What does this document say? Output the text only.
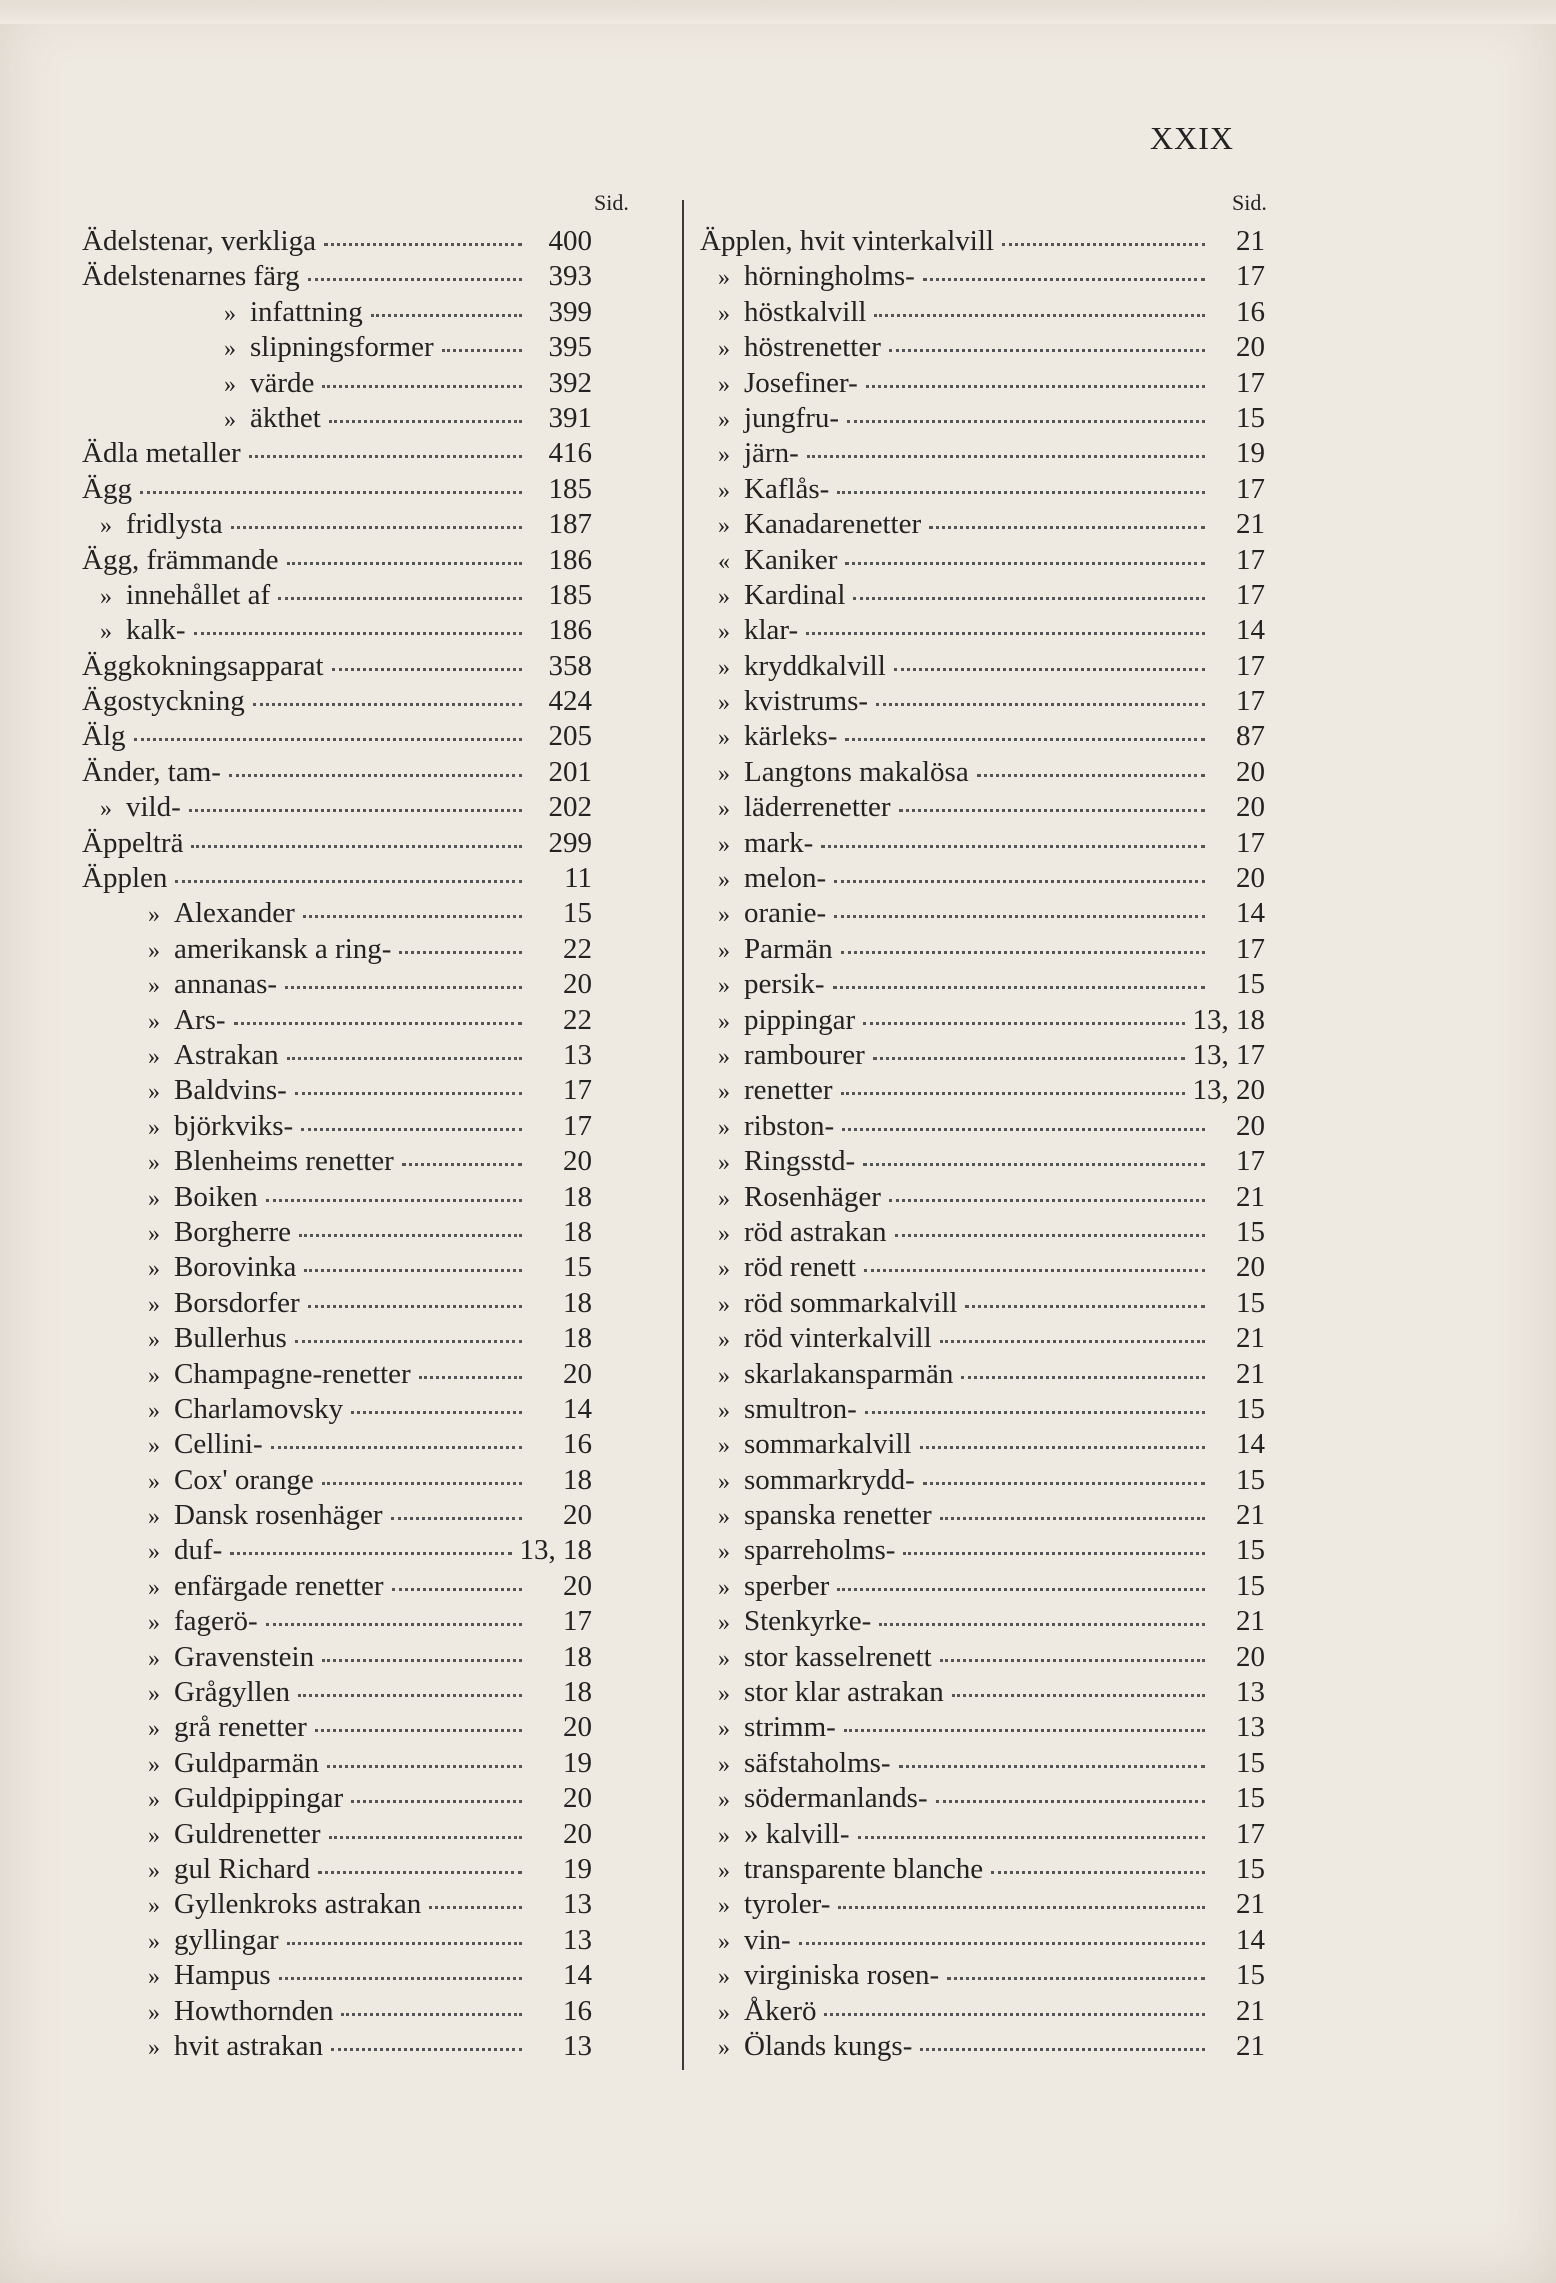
XXIX
Sid.
Ädelstenar, verkliga	400
Ädelstenarnes färg	393
» infattning	399
» slipningsformer	395
» värde	392
» äkthet	391
Ädla metaller	416
Ägg	185
» fridlysta	187
Ägg, främmande	186
» innehållet af	185
» kalk-	186
Äggkokningsapparat	358
Ägostyckning	424
Älg	205
Änder, tam-	201
» vild-	202
Äppelträ	299
Äpplen	11
» Alexander	15
» amerikansk a ring-	22
» annanas-	20
» Ars-	22
» Astrakan	13
» Baldvins-	17
» björkviks-	17
» Blenheims renetter	20
» Boiken	18
» Borgherre	18
» Borovinka	15
» Borsdorfer	18
» Bullerhus	18
» Champagne-renetter	20
» Charlamovsky	14
» Cellini-	16
» Cox' orange	18
» Dansk rosenhäger	20
» duf-	13, 18
» enfärgade renetter	20
» fagerö-	17
» Gravenstein	18
» Grågyllen	18
» grå renetter	20
» Guldparmän	19
» Guldpippingar	20
» Guldrenetter	20
» gul Richard	19
» Gyllenkroks astrakan	13
» gyllingar	13
» Hampus	14
» Howthornden	16
» hvit astrakan	13
Sid.
Äpplen, hvit vinterkalvill	21
» hörningholms-	17
» höstkalvill	16
» höstrenetter	20
» Josefiner-	17
» jungfru-	15
» järn-	19
» Kaflås-	17
» Kanadarenetter	21
« Kaniker	17
» Kardinal	17
» klar-	14
» kryddkalvill	17
» kvistrums-	17
» kärleks-	87
» Langtons makalösa	20
» läderrenetter	20
» mark-	17
» melon-	20
» oranie-	14
» Parmän	17
» persik-	15
» pippingar	13, 18
» rambourer	13, 17
» renetter	13, 20
» ribston-	20
» Ringsstd-	17
» Rosenhäger	21
» röd astrakan	15
» röd renett	20
» röd sommarkalvill	15
» röd vinterkalvill	21
» skarlakansparmän	21
» smultron-	15
» sommarkalvill	14
» sommarkrydd-	15
» spanska renetter	21
» sparreholms-	15
» sperber	15
» Stenkyrke-	21
» stor kasselrenett	20
» stor klar astrakan	13
» strimm-	13
» säfstaholms-	15
» södermanlands-	15
» » kalvill-	17
» transparente blanche	15
» tyroler-	21
» vin-	14
» virginiska rosen-	15
» Åkerö	21
» Ölands kungs-	21
